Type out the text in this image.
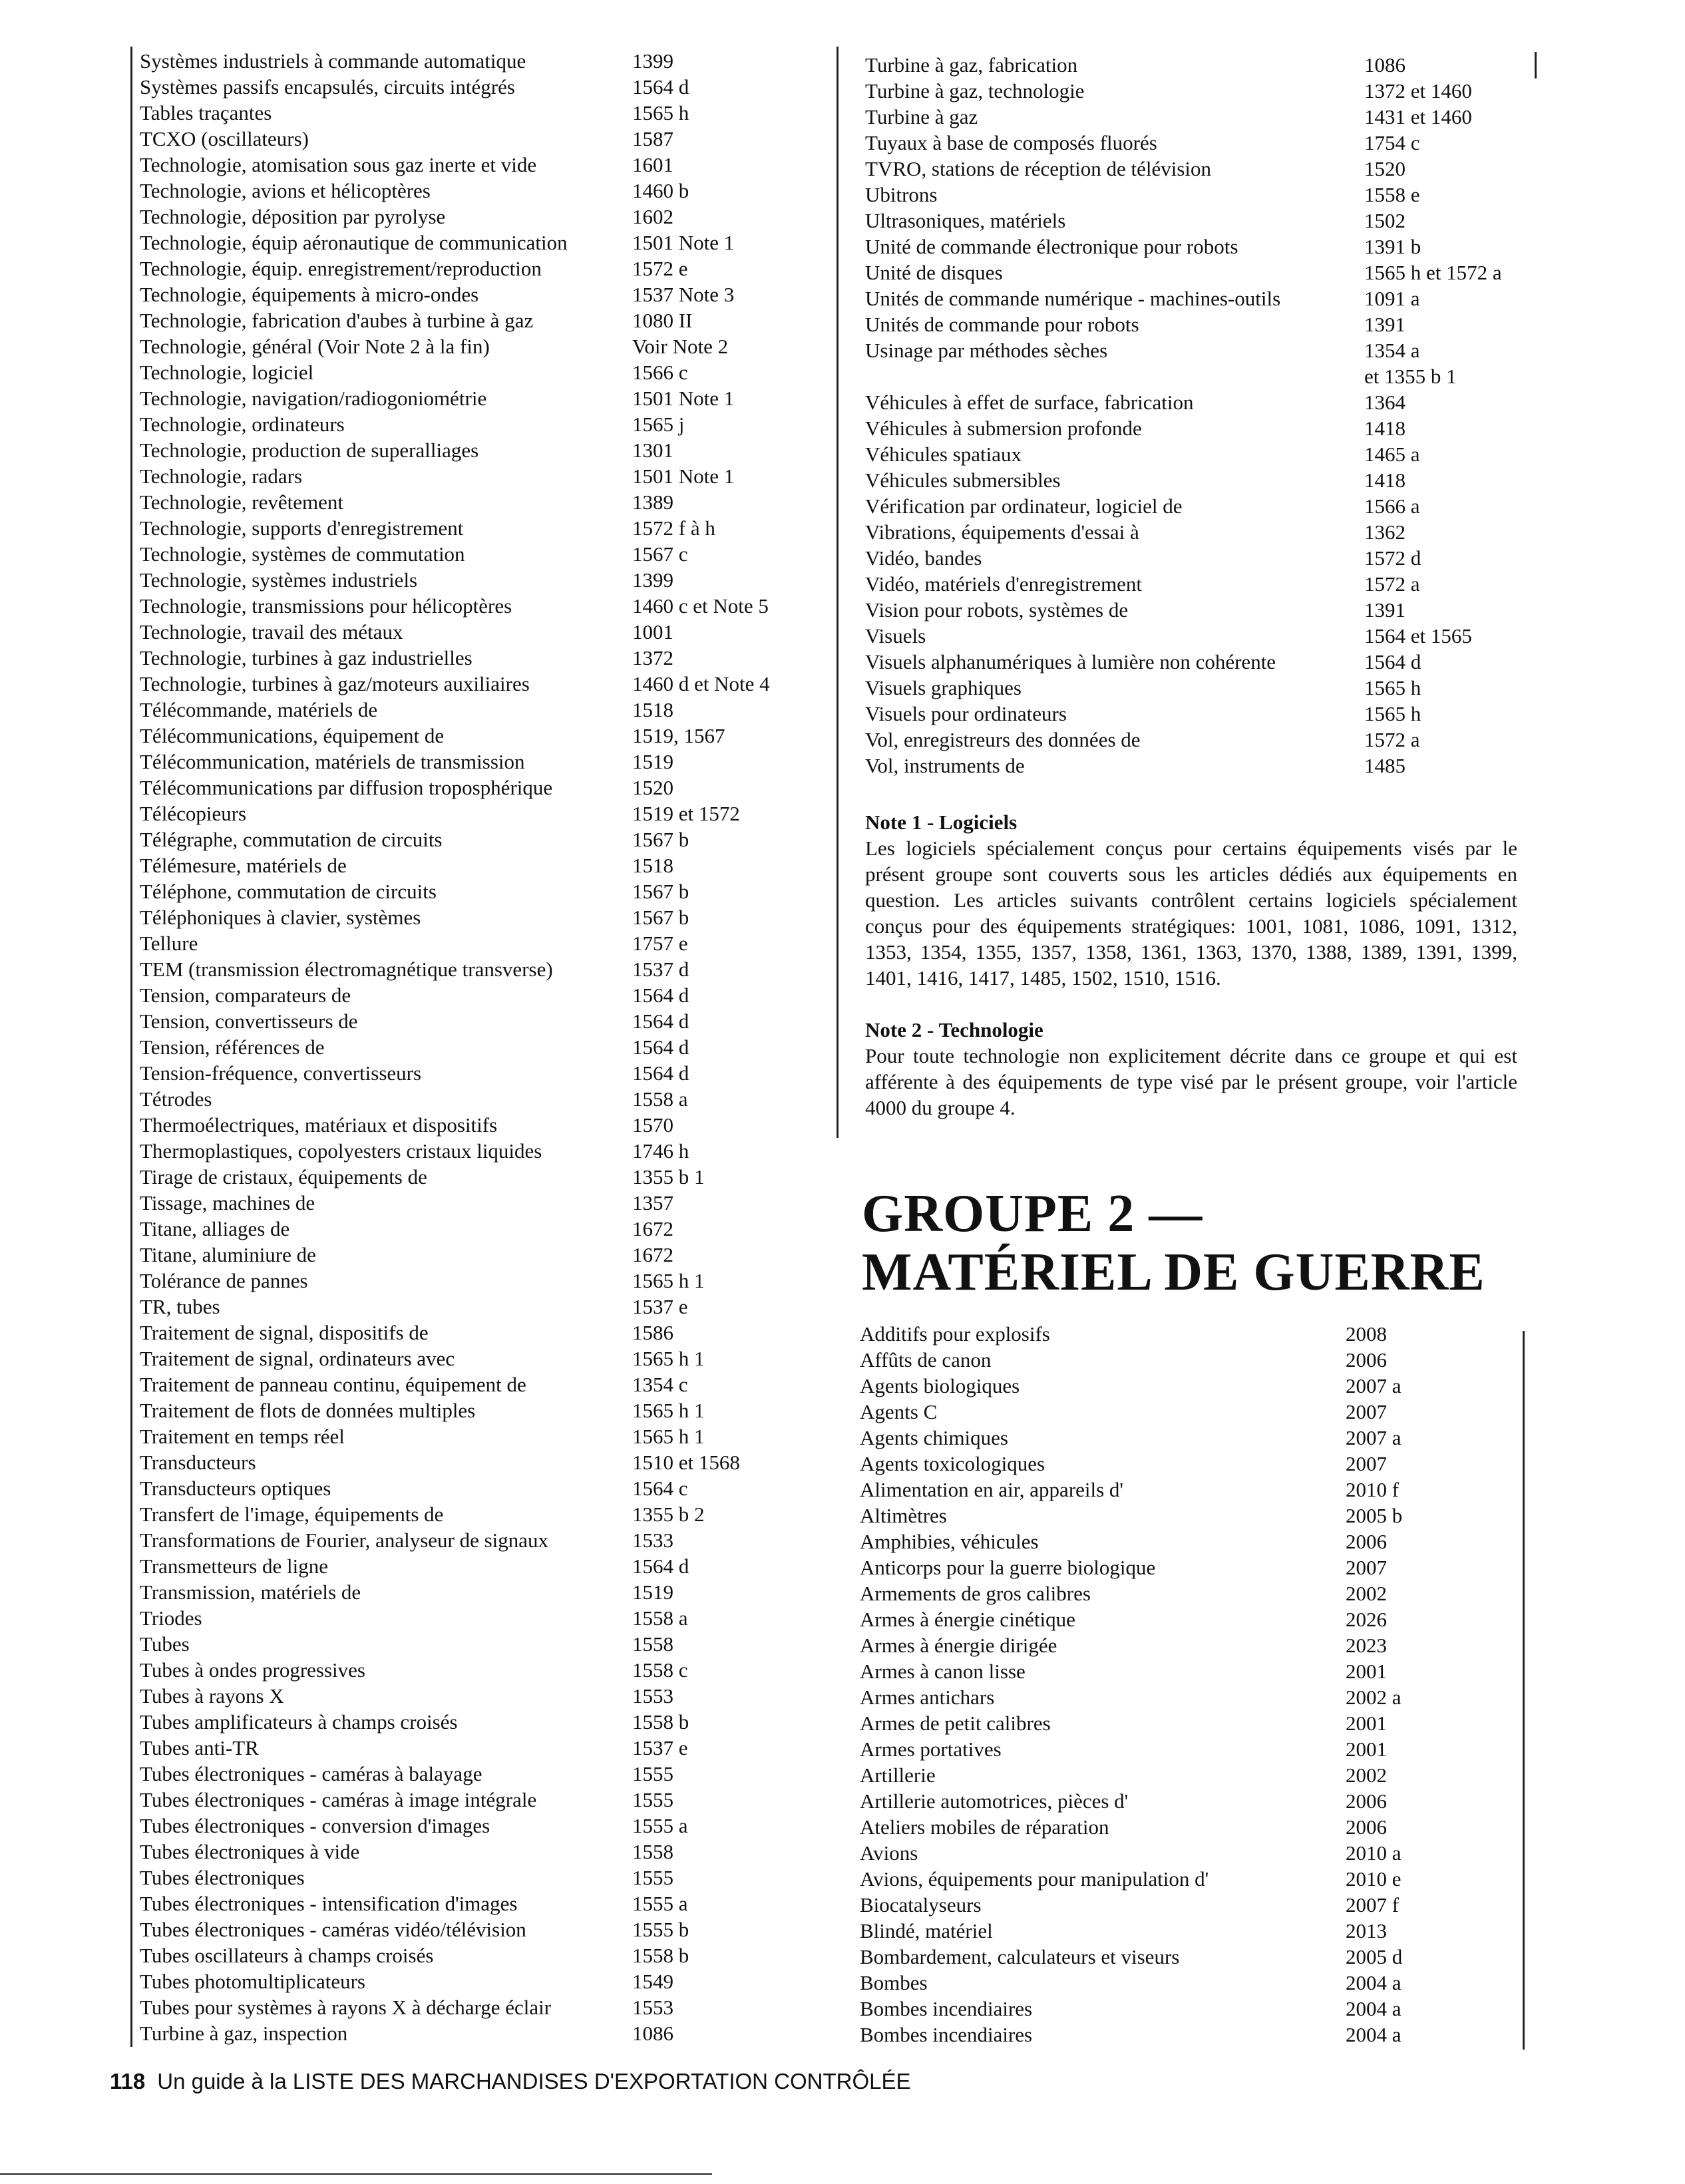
Systèmes industriels à commande automatique	1399
Systèmes passifs encapsulés, circuits intégrés	1564 d
Tables traçantes	1565 h
TCXO (oscillateurs)	1587
Technologie, atomisation sous gaz inerte et vide	1601
Technologie, avions et hélicoptères	1460 b
Technologie, déposition par pyrolyse	1602
Technologie, équip aéronautique de communication	1501 Note 1
Technologie, équip. enregistrement/reproduction	1572 e
Technologie, équipements à micro-ondes	1537 Note 3
Technologie, fabrication d'aubes à turbine à gaz	1080 II
Technologie, général (Voir Note 2 à la fin)	Voir Note 2
Technologie, logiciel	1566 c
Technologie, navigation/radiogoniométrie	1501 Note 1
Technologie, ordinateurs	1565 j
Technologie, production de superalliages	1301
Technologie, radars	1501 Note 1
Technologie, revêtement	1389
Technologie, supports d'enregistrement	1572 f à h
Technologie, systèmes de commutation	1567 c
Technologie, systèmes industriels	1399
Technologie, transmissions pour hélicoptères	1460 c et Note 5
Technologie, travail des métaux	1001
Technologie, turbines à gaz industrielles	1372
Technologie, turbines à gaz/moteurs auxiliaires	1460 d et Note 4
Télécommande, matériels de	1518
Télécommunications, équipement de	1519, 1567
Télécommunication, matériels de transmission	1519
Télécommunications par diffusion troposphérique	1520
Télécopieurs	1519 et 1572
Télégraphe, commutation de circuits	1567 b
Télémesure, matériels de	1518
Téléphone, commutation de circuits	1567 b
Téléphoniques à clavier, systèmes	1567 b
Tellure	1757 e
TEM (transmission électromagnétique transverse)	1537 d
Tension, comparateurs de	1564 d
Tension, convertisseurs de	1564 d
Tension, références de	1564 d
Tension-fréquence, convertisseurs	1564 d
Tétrodes	1558 a
Thermoélectriques, matériaux et dispositifs	1570
Thermoplastiques, copolyesters cristaux liquides	1746 h
Tirage de cristaux, équipements de	1355 b 1
Tissage, machines de	1357
Titane, alliages de	1672
Titane, aluminiure de	1672
Tolérance de pannes	1565 h 1
TR, tubes	1537 e
Traitement de signal, dispositifs de	1586
Traitement de signal, ordinateurs avec	1565 h 1
Traitement de panneau continu, équipement de	1354 c
Traitement de flots de données multiples	1565 h 1
Traitement en temps réel	1565 h 1
Transducteurs	1510 et 1568
Transducteurs optiques	1564 c
Transfert de l'image, équipements de	1355 b 2
Transformations de Fourier, analyseur de signaux	1533
Transmetteurs de ligne	1564 d
Transmission, matériels de	1519
Triodes	1558 a
Tubes	1558
Tubes à ondes progressives	1558 c
Tubes à rayons X	1553
Tubes amplificateurs à champs croisés	1558 b
Tubes anti-TR	1537 e
Tubes électroniques - caméras à balayage	1555
Tubes électroniques - caméras à image intégrale	1555
Tubes électroniques - conversion d'images	1555 a
Tubes électroniques à vide	1558
Tubes électroniques	1555
Tubes électroniques - intensification d'images	1555 a
Tubes électroniques - caméras vidéo/télévision	1555 b
Tubes oscillateurs à champs croisés	1558 b
Tubes photomultiplicateurs	1549
Tubes pour systèmes à rayons X à décharge éclair	1553
Turbine à gaz, inspection	1086
Turbine à gaz, fabrication	1086
Turbine à gaz, technologie	1372 et 1460
Turbine à gaz	1431 et 1460
Tuyaux à base de composés fluorés	1754 c
TVRO, stations de réception de télévision	1520
Ubitrons	1558 e
Ultrasoniques, matériels	1502
Unité de commande électronique pour robots	1391 b
Unité de disques	1565 h et 1572 a
Unités de commande numérique - machines-outils	1091 a
Unités de commande pour robots	1391
Usinage par méthodes sèches	1354 a
et 1355 b 1
Véhicules à effet de surface, fabrication	1364
Véhicules à submersion profonde	1418
Véhicules spatiaux	1465 a
Véhicules submersibles	1418
Vérification par ordinateur, logiciel de	1566 a
Vibrations, équipements d'essai à	1362
Vidéo, bandes	1572 d
Vidéo, matériels d'enregistrement	1572 a
Vision pour robots, systèmes de	1391
Visuels	1564 et 1565
Visuels alphanumériques à lumière non cohérente	1564 d
Visuels graphiques	1565 h
Visuels pour ordinateurs	1565 h
Vol, enregistreurs des données de	1572 a
Vol, instruments de	1485
Note 1 - Logiciels
Les logiciels spécialement conçus pour certains équipements visés par le présent groupe sont couverts sous les articles dédiés aux équipements en question. Les articles suivants contrôlent certains logiciels spécialement conçus pour des équipements stratégiques: 1001, 1081, 1086, 1091, 1312, 1353, 1354, 1355, 1357, 1358, 1361, 1363, 1370, 1388, 1389, 1391, 1399, 1401, 1416, 1417, 1485, 1502, 1510, 1516.
Note 2 - Technologie
Pour toute technologie non explicitement décrite dans ce groupe et qui est afférente à des équipements de type visé par le présent groupe, voir l'article 4000 du groupe 4.
GROUPE 2 —
MATÉRIEL DE GUERRE
Additifs pour explosifs	2008
Affûts de canon	2006
Agents biologiques	2007 a
Agents C	2007
Agents chimiques	2007 a
Agents toxicologiques	2007
Alimentation en air, appareils d'	2010 f
Altimètres	2005 b
Amphibies, véhicules	2006
Anticorps pour la guerre biologique	2007
Armements de gros calibres	2002
Armes à énergie cinétique	2026
Armes à énergie dirigée	2023
Armes à canon lisse	2001
Armes antichars	2002 a
Armes de petit calibres	2001
Armes portatives	2001
Artillerie	2002
Artillerie automotrices, pièces d'	2006
Ateliers mobiles de réparation	2006
Avions	2010 a
Avions, équipements pour manipulation d'	2010 e
Biocatalyseurs	2007 f
Blindé, matériel	2013
Bombardement, calculateurs et viseurs	2005 d
Bombes	2004 a
Bombes incendiaires	2004 a
Bombes incendiaires	2004 a
118 Un guide à la LISTE DES MARCHANDISES D'EXPORTATION CONTRÔLÉE
